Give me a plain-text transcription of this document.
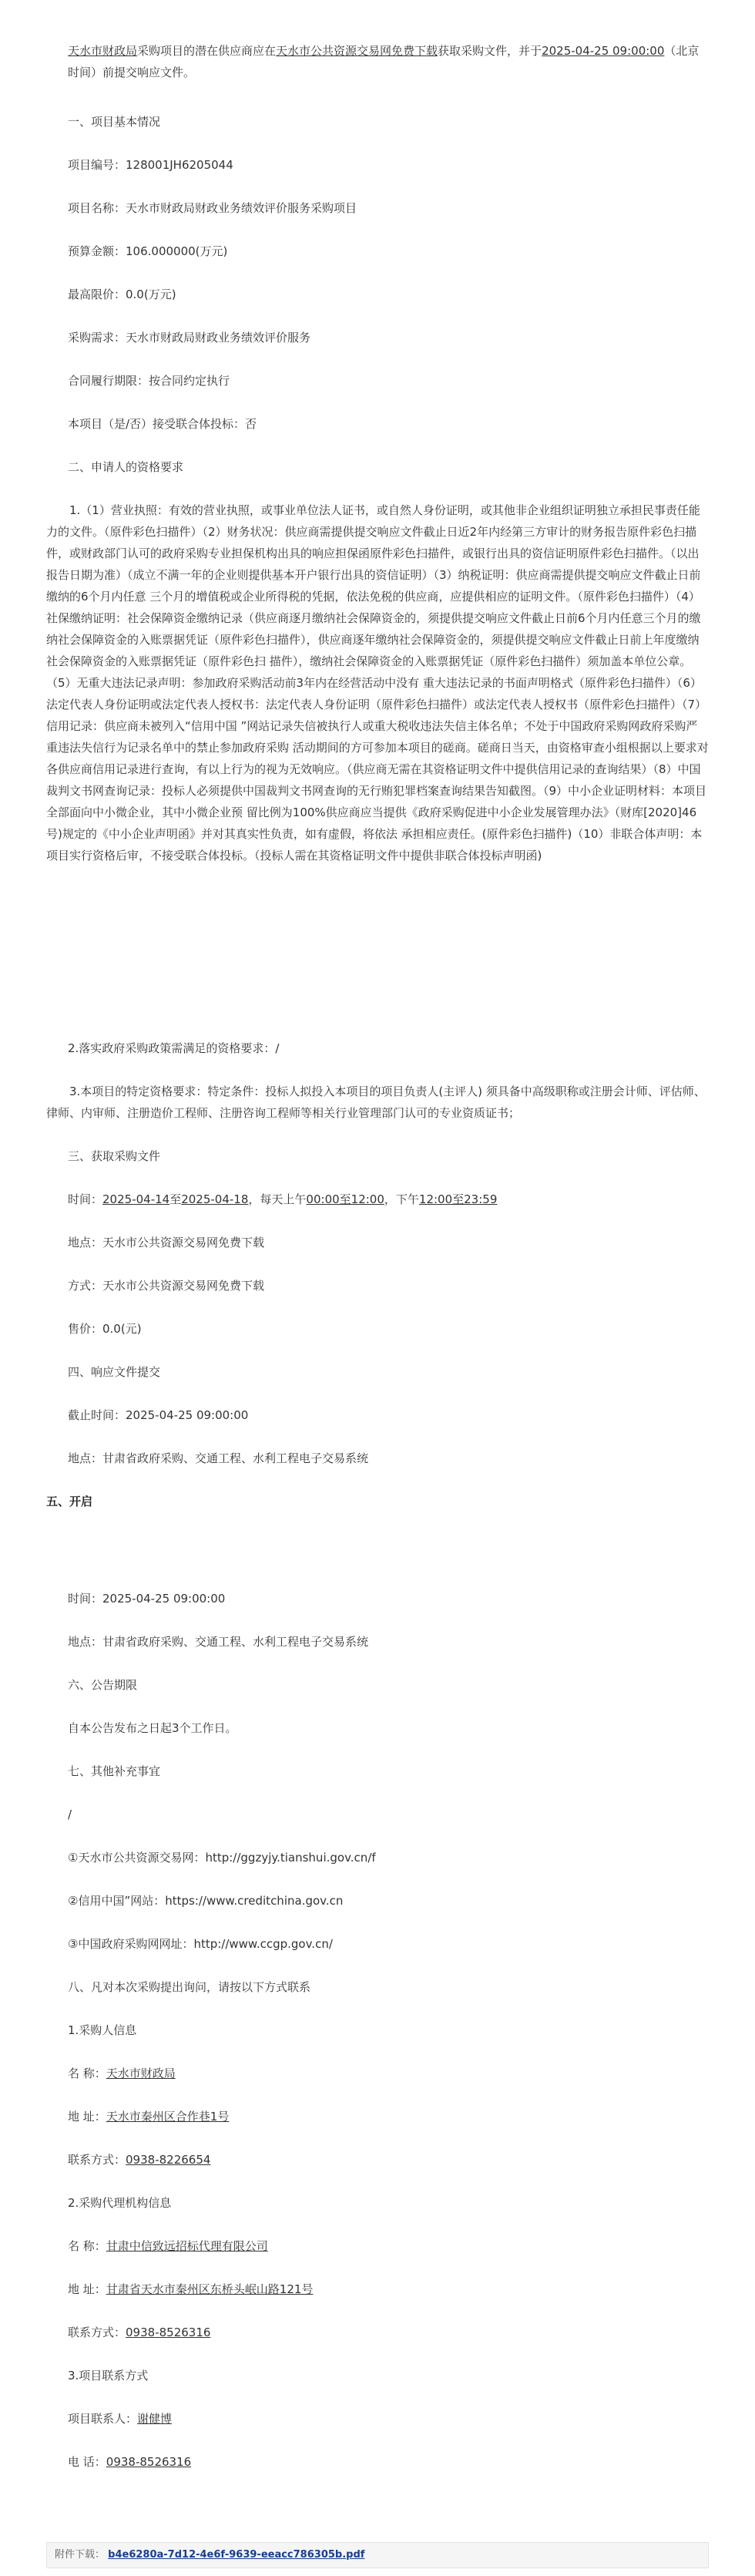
天水市财政局采购项目的潜在供应商应在天水市公共资源交易网免费下载获取采购文件，并于2025-04-25 09:00:00（北京时间）前提交响应文件。

一、项目基本情况

项目编号：128001JH6205044

项目名称：天水市财政局财政业务绩效评价服务采购项目

预算金额：106.000000(万元)

最高限价：0.0(万元)

采购需求：天水市财政局财政业务绩效评价服务

合同履行期限：按合同约定执行

本项目（是/否）接受联合体投标：否

二、申请人的资格要求

1.（1）营业执照：有效的营业执照，或事业单位法人证书，或自然人身份证明，或其他非企业组织证明独立承担民事责任能力的文件。（原件彩色扫描件）（2）财务状况：供应商需提供提交响应文件截止日近2年内经第三方审计的财务报告原件彩色扫描件，或财政部门认可的政府采购专业担保机构出具的响应担保函原件彩色扫描件，或银行出具的资信证明原件彩色扫描件。（以出报告日期为准）（成立不满一年的企业则提供基本开户银行出具的资信证明）（3）纳税证明：供应商需提供提交响应文件截止日前缴纳的6个月内任意 三个月的增值税或企业所得税的凭据，依法免税的供应商，应提供相应的证明文件。（原件彩色扫描件）（4）社保缴纳证明：社会保障资金缴纳记录（供应商逐月缴纳社会保障资金的，须提供提交响应文件截止日前6个月内任意三个月的缴纳社会保障资金的入账票据凭证（原件彩色扫描件），供应商逐年缴纳社会保障资金的，须提供提交响应文件截止日前上年度缴纳社会保障资金的入账票据凭证（原件彩色扫 描件），缴纳社会保障资金的入账票据凭证（原件彩色扫描件）须加盖本单位公章。（5）无重大违法记录声明：参加政府采购活动前3年内在经营活动中没有 重大违法记录的书面声明格式（原件彩色扫描件）（6）法定代表人身份证明或法定代表人授权书：法定代表人身份证明（原件彩色扫描件）或法定代表人授权书（原件彩色扫描件）（7）信用记录：供应商未被列入“信用中国 ”网站记录失信被执行人或重大税收违法失信主体名单；不处于中国政府采购网政府采购严重违法失信行为记录名单中的禁止参加政府采购 活动期间的方可参加本项目的磋商。磋商日当天，由资格审查小组根据以上要求对各供应商信用记录进行查询，有以上行为的视为无效响应。（供应商无需在其资格证明文件中提供信用记录的查询结果）（8）中国裁判文书网查询记录：投标人必须提供中国裁判文书网查询的无行贿犯罪档案查询结果告知截图。（9）中小企业证明材料：本项目全部面向中小微企业，其中小微企业预 留比例为100%供应商应当提供《政府采购促进中小企业发展管理办法》（财库[2020]46号)规定的《中小企业声明函》并对其真实性负责，如有虚假，将依法 承担相应责任。(原件彩色扫描件)（10）非联合体声明：本项目实行资格后审，不接受联合体投标。（投标人需在其资格证明文件中提供非联合体投标声明函)

2.落实政府采购政策需满足的资格要求：/

3.本项目的特定资格要求：特定条件：投标人拟投入本项目的项目负责人(主评人) 须具备中高级职称或注册会计师、评估师、律师、内审师、注册造价工程师、注册咨询工程师等相关行业管理部门认可的专业资质证书；

三、获取采购文件

时间：2025-04-14至2025-04-18，每天上午00:00至12:00，下午12:00至23:59

地点：天水市公共资源交易网免费下载

方式：天水市公共资源交易网免费下载

售价：0.0(元)

四、响应文件提交

截止时间：2025-04-25 09:00:00

地点：甘肃省政府采购、交通工程、水利工程电子交易系统

五、开启

时间：2025-04-25 09:00:00

地点：甘肃省政府采购、交通工程、水利工程电子交易系统

六、公告期限

自本公告发布之日起3个工作日。

七、其他补充事宜

/

①天水市公共资源交易网：http://ggzyjy.tianshui.gov.cn/f

②信用中国”网站：https://www.creditchina.gov.cn

③中国政府采购网网址：http://www.ccgp.gov.cn/

八、凡对本次采购提出询问，请按以下方式联系

1.采购人信息

名 称：天水市财政局

地 址：天水市秦州区合作巷1号

联系方式：0938-8226654

2.采购代理机构信息

名 称：甘肃中信致远招标代理有限公司

地 址：甘肃省天水市秦州区东桥头岷山路121号

联系方式：0938-8526316

3.项目联系方式

项目联系人：谢健博

电 话：0938-8526316

附件下载： b4e6280a-7d12-4e6f-9639-eeacc786305b.pdf
